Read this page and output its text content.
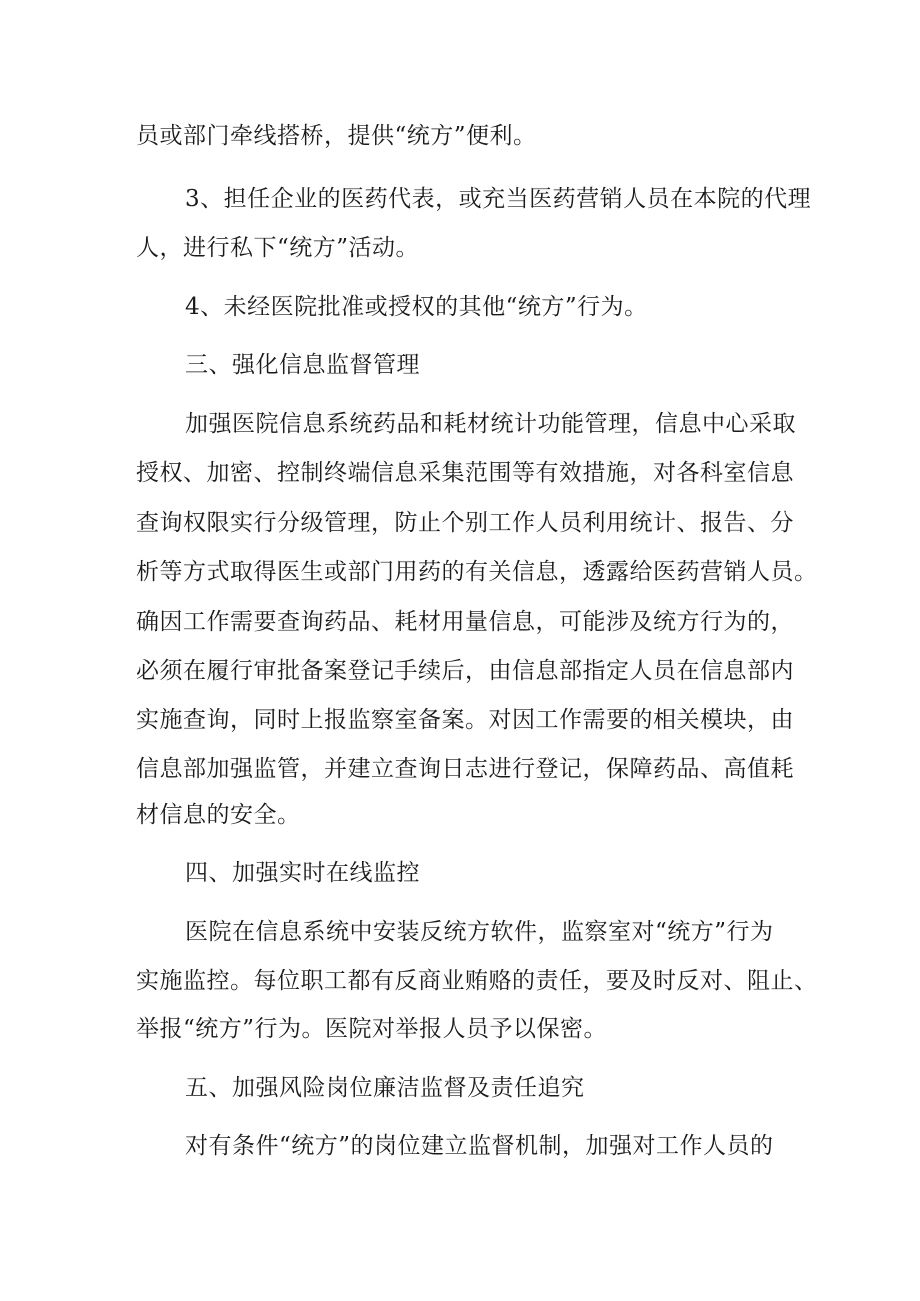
员或部门牵线搭桥，提供“统方”便利。
3、担任企业的医药代表，或充当医药营销人员在本院的代理
人，进行私下“统方”活动。
4、未经医院批准或授权的其他“统方”行为。
三、强化信息监督管理
加强医院信息系统药品和耗材统计功能管理，信息中心采取
授权、加密、控制终端信息采集范围等有效措施，对各科室信息
查询权限实行分级管理，防止个别工作人员利用统计、报告、分
析等方式取得医生或部门用药的有关信息，透露给医药营销人员。
确因工作需要查询药品、耗材用量信息，可能涉及统方行为的，
必须在履行审批备案登记手续后，由信息部指定人员在信息部内
实施查询，同时上报监察室备案。对因工作需要的相关模块，由
信息部加强监管，并建立查询日志进行登记，保障药品、高值耗
材信息的安全。
四、加强实时在线监控
医院在信息系统中安装反统方软件，监察室对“统方”行为
实施监控。每位职工都有反商业贿赂的责任，要及时反对、阻止、
举报“统方”行为。医院对举报人员予以保密。
五、加强风险岗位廉洁监督及责任追究
对有条件“统方”的岗位建立监督机制，加强对工作人员的
